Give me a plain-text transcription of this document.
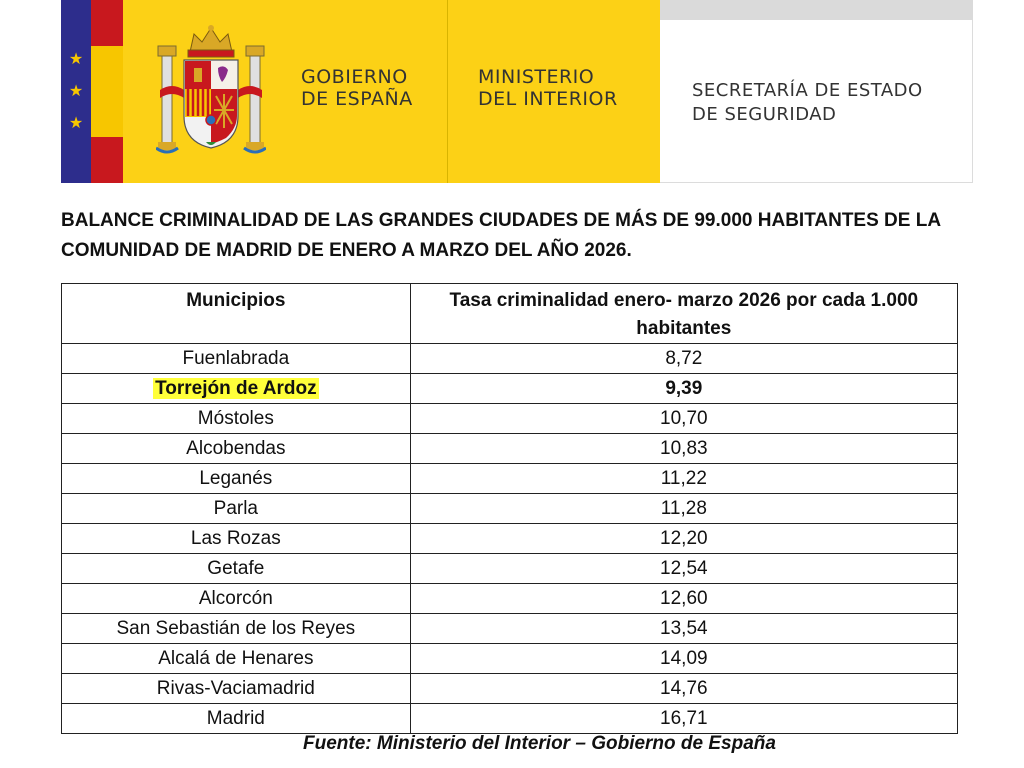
★
★
★
GOBIERNO
DE ESPAÑA
MINISTERIO
DEL INTERIOR	SECRETARÍA DE ESTADO
DE SEGURIDAD
BALANCE CRIMINALIDAD DE LAS GRANDES CIUDADES DE MÁS DE 99.000 HABITANTES DE LA
COMUNIDAD DE MADRID DE ENERO A MARZO DEL AÑO 2026.
Municipios	Tasa criminalidad enero- marzo 2026 por cada 1.000 habitantes
Fuenlabrada	8,72
Torrejón de Ardoz	9,39
Móstoles	10,70
Alcobendas	10,83
Leganés	11,22
Parla	11,28
Las Rozas	12,20
Getafe	12,54
Alcorcón	12,60
San Sebastián de los Reyes	13,54
Alcalá de Henares	14,09
Rivas-Vaciamadrid	14,76
Madrid	16,71
Fuente: Ministerio del Interior – Gobierno de España
